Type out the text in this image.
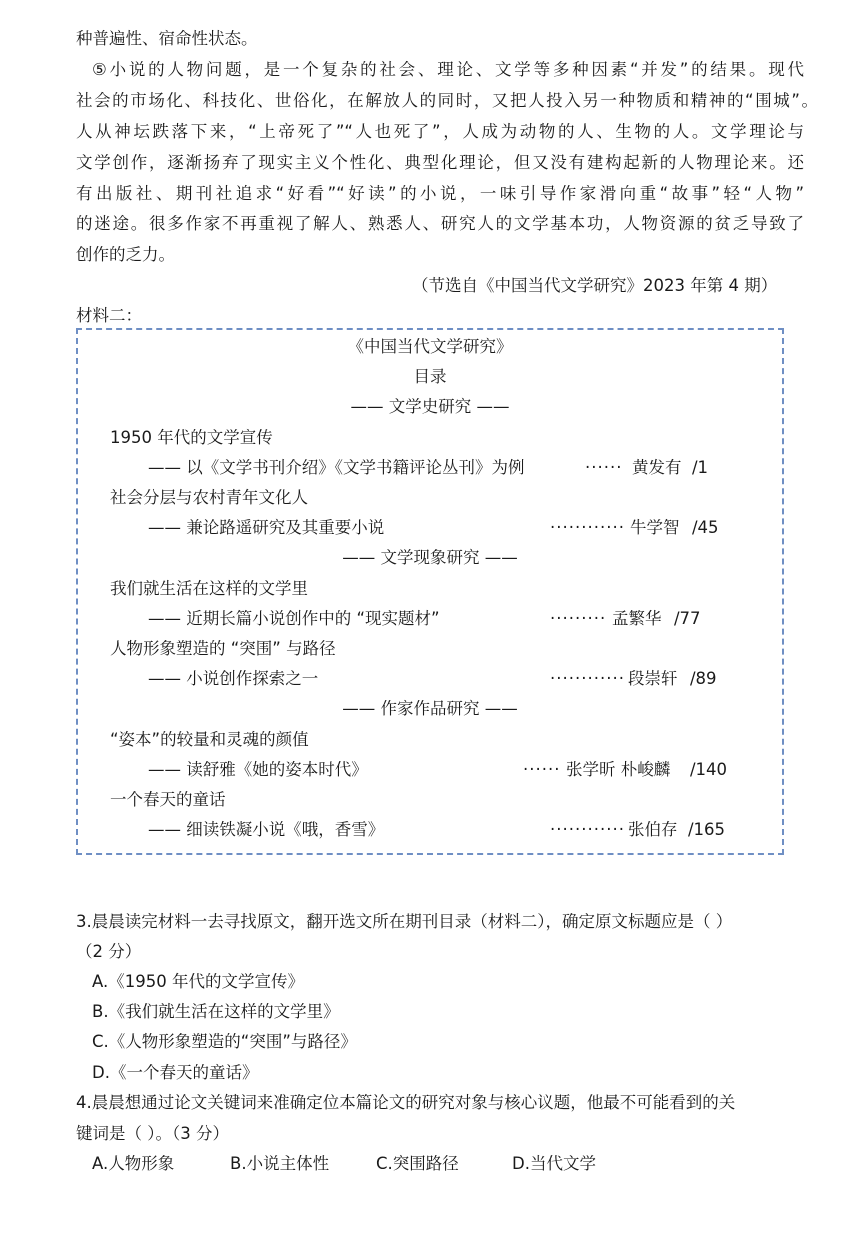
种普遍性、宿命性状态。
⑤小说的人物问题，是一个复杂的社会、理论、文学等多种因素“并发”的结果。现代
社会的市场化、科技化、世俗化，在解放人的同时，又把人投入另一种物质和精神的“围城”。
人从神坛跌落下来，“上帝死了”“人也死了”，人成为动物的人、生物的人。文学理论与
文学创作，逐渐扬弃了现实主义个性化、典型化理论，但又没有建构起新的人物理论来。还
有出版社、期刊社追求“好看”“好读”的小说，一味引导作家滑向重“故事”轻“人物”
的迷途。很多作家不再重视了解人、熟悉人、研究人的文学基本功，人物资源的贫乏导致了
创作的乏力。
（节选自《中国当代文学研究》2023 年第 4 期）
材料二：
《中国当代文学研究》
目录
—— 文学史研究 ——
1950 年代的文学宣传
—— 以《文学书刊介绍》《文学书籍评论丛刊》为例	······ 黄发有 /1
社会分层与农村青年文化人
—— 兼论路遥研究及其重要小说	············ 牛学智 /45
—— 文学现象研究 ——
我们就生活在这样的文学里
—— 近期长篇小说创作中的 “现实题材”	········· 孟繁华 /77
人物形象塑造的 “突围” 与路径
—— 小说创作探索之一	············ 段崇轩 /89
—— 作家作品研究 ——
“姿本”的较量和灵魂的颜值
—— 读舒雅《她的姿本时代》	······ 张学昕 朴峻麟 /140
一个春天的童话
—— 细读铁凝小说《哦，香雪》	············ 张伯存 /165
3.晨晨读完材料一去寻找原文，翻开选文所在期刊目录（材料二），确定原文标题应是（ ）
（2 分）
A.《1950 年代的文学宣传》
B.《我们就生活在这样的文学里》
C.《人物形象塑造的“突围”与路径》
D.《一个春天的童话》
4.晨晨想通过论文关键词来准确定位本篇论文的研究对象与核心议题，他最不可能看到的关
键词是（ ）。（3 分）
A.人物形象	B.小说主体性	C.突围路径	D.当代文学
